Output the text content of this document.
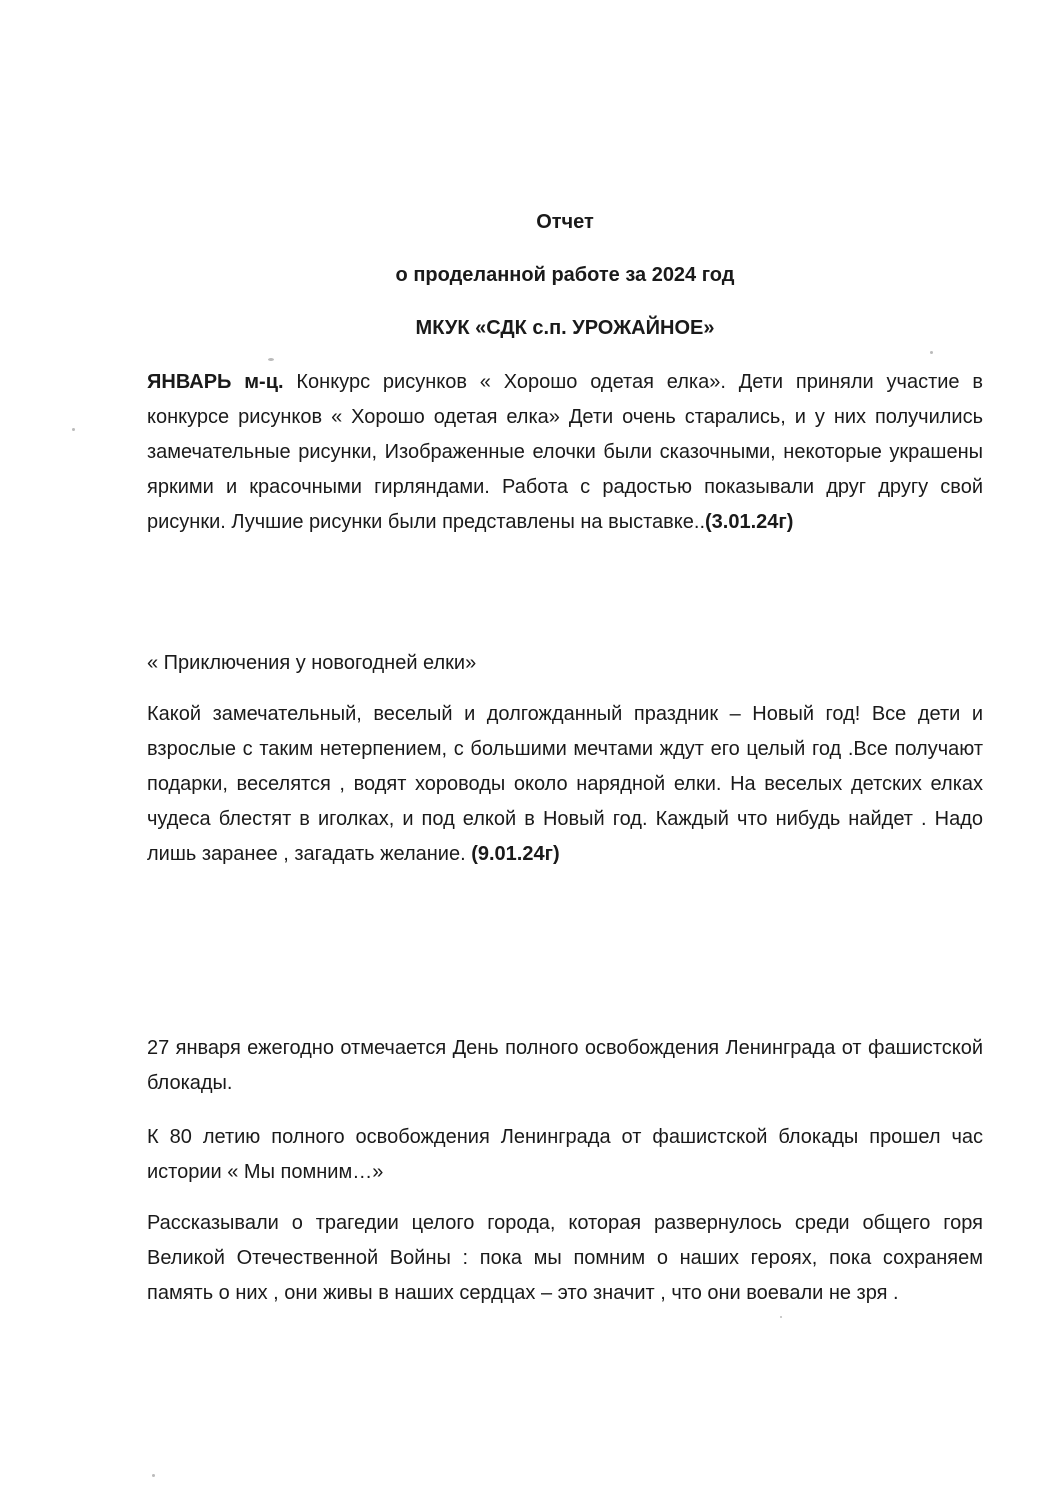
Отчет
о проделанной работе за 2024 год
МКУК «СДК с.п. УРОЖАЙНОЕ»
ЯНВАРЬ м-ц. Конкурс рисунков « Хорошо одетая елка». Дети приняли участие в конкурсе рисунков « Хорошо одетая елка» Дети очень старались, и у них получились замечательные рисунки, Изображенные елочки были сказочными, некоторые украшены яркими и красочными гирляндами. Работа с радостью показывали друг другу свой рисунки. Лучшие рисунки были представлены на выставке..(3.01.24г)
« Приключения у новогодней елки»
Какой замечательный, веселый и долгожданный праздник – Новый год! Все дети и взрослые с таким нетерпением, с большими мечтами ждут его целый год .Все получают подарки, веселятся , водят хороводы около нарядной елки. На веселых детских елках чудеса блестят в иголках, и под елкой в Новый год. Каждый что нибудь найдет . Надо лишь заранее , загадать желание. (9.01.24г)
27 января ежегодно отмечается День полного освобождения Ленинграда от фашистской блокады.
К 80 летию полного освобождения Ленинграда от фашистской блокады прошел час истории « Мы помним…»
Рассказывали о трагедии целого города, которая развернулось среди общего горя Великой Отечественной Войны : пока мы помним о наших героях, пока сохраняем память о них , они живы в наших сердцах – это значит , что они воевали не зря .
